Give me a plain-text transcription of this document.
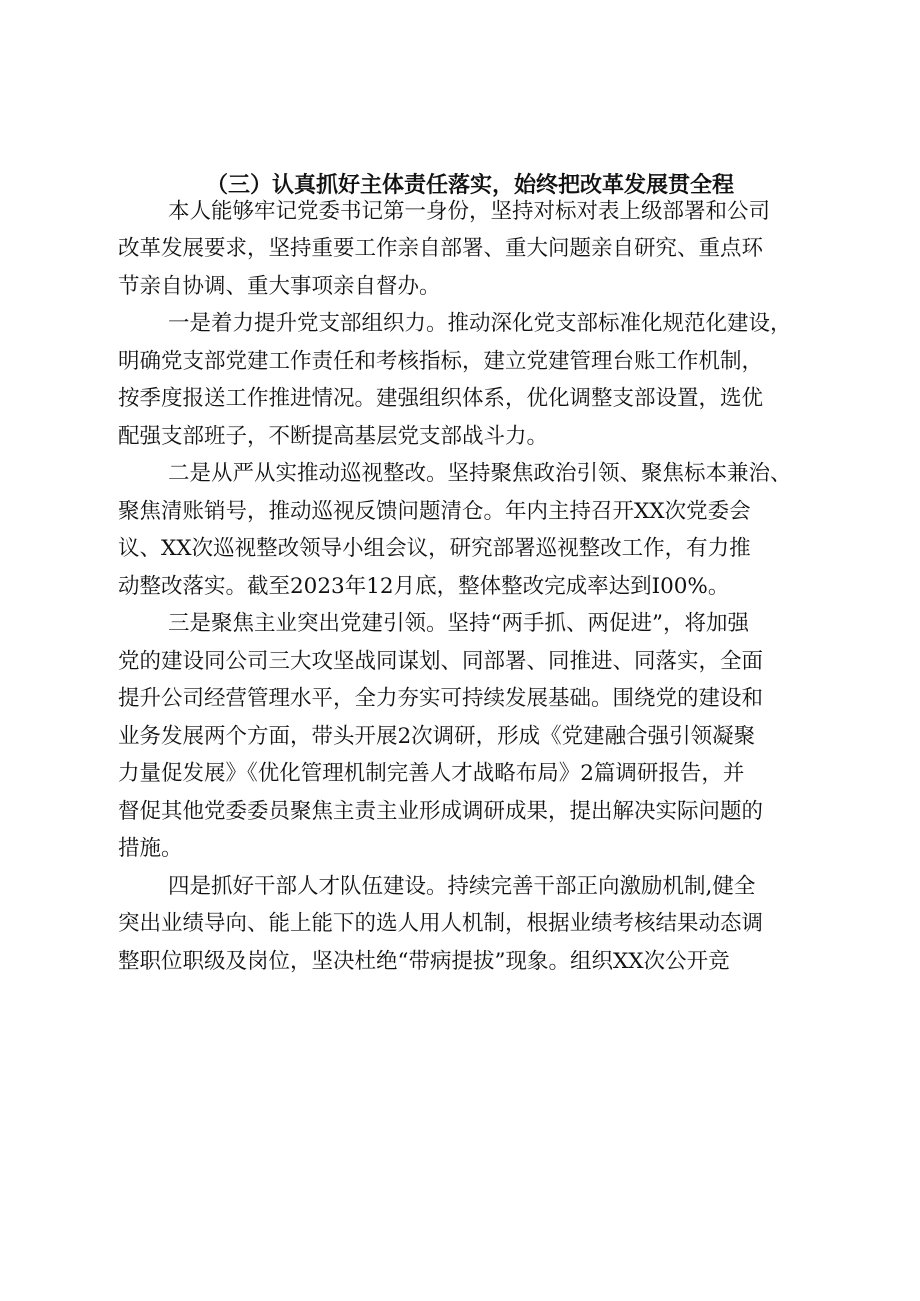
（三）认真抓好主体责任落实，始终把改革发展贯全程
本人能够牢记党委书记第一身份，坚持对标对表上级部署和公司
改革发展要求，坚持重要工作亲自部署、重大问题亲自研究、重点环
节亲自协调、重大事项亲自督办。
一是着力提升党支部组织力。推动深化党支部标准化规范化建设，
明确党支部党建工作责任和考核指标，建立党建管理台账工作机制，
按季度报送工作推进情况。建强组织体系，优化调整支部设置，选优
配强支部班子，不断提高基层党支部战斗力。
二是从严从实推动巡视整改。坚持聚焦政治引领、聚焦标本兼治、
聚焦清账销号，推动巡视反馈问题清仓。年内主持召开XX次党委会
议、XX次巡视整改领导小组会议，研究部署巡视整改工作，有力推
动整改落实。截至2023年12月底，整体整改完成率达到I00%。
三是聚焦主业突出党建引领。坚持“两手抓、两促进”，将加强
党的建设同公司三大攻坚战同谋划、同部署、同推进、同落实，全面
提升公司经营管理水平，全力夯实可持续发展基础。围绕党的建设和
业务发展两个方面，带头开展2次调研，形成《党建融合强引领凝聚
力量促发展》《优化管理机制完善人才战略布局》2篇调研报告，并
督促其他党委委员聚焦主责主业形成调研成果，提出解决实际问题的
措施。
四是抓好干部人才队伍建设。持续完善干部正向激励机制,健全
突出业绩导向、能上能下的选人用人机制，根据业绩考核结果动态调
整职位职级及岗位，坚决杜绝“带病提拔”现象。组织XX次公开竞
